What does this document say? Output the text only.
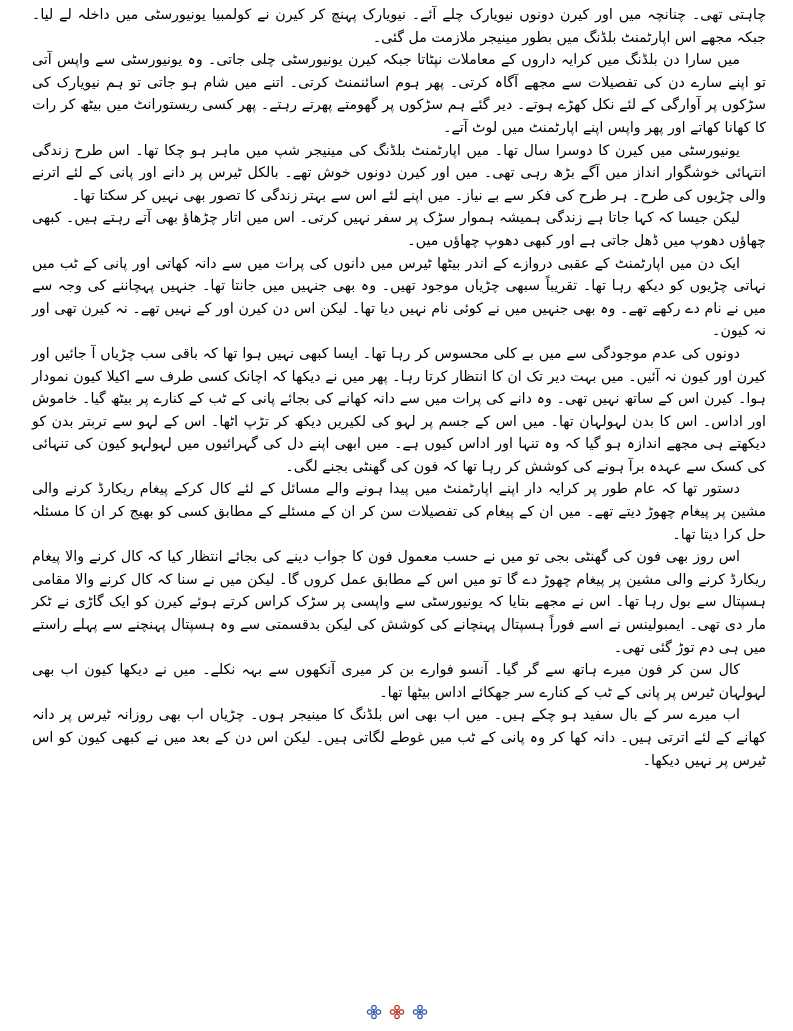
چاہتی تھی۔ چنانچہ میں اور کیرن دونوں نیویارک چلے آئے۔ نیویارک پہنچ کر کیرن نے کولمبیا یونیورسٹی میں داخلہ لے لیا۔ جبکہ مجھے اس اپارٹمنٹ بلڈنگ میں بطور مینیجر ملازمت مل گئی۔

میں سارا دن بلڈنگ میں کرایہ داروں کے معاملات نپٹاتا جبکہ کیرن یونیورسٹی چلی جاتی۔ وہ یونیورسٹی سے واپس آتی تو اپنے سارے دن کی تفصیلات سے مجھے آگاہ کرتی۔ پھر ہوم اسائنمنٹ کرتی۔ اتنے میں شام ہو جاتی تو ہم نیویارک کی سڑکوں پر آوارگی کے لئے نکل کھڑے ہوتے۔ دیر گئے ہم سڑکوں پر گھومتے پھرتے رہتے۔ پھر کسی ریستورانٹ میں بیٹھ کر رات کا کھانا کھاتے اور پھر واپس اپنے اپارٹمنٹ میں لوٹ آتے۔

یونیورسٹی میں کیرن کا دوسرا سال تھا۔ میں اپارٹمنٹ بلڈنگ کی مینیجر شپ میں ماہر ہو چکا تھا۔ اس طرح زندگی انتہائی خوشگوار انداز میں آگے بڑھ رہی تھی۔ میں اور کیرن دونوں خوش تھے۔ بالکل ٹیرس پر دانے اور پانی کے لئے اترنے والی چڑیوں کی طرح۔ ہر طرح کی فکر سے بے نیاز۔ میں اپنے لئے اس سے بہتر زندگی کا تصور بھی نہیں کر سکتا تھا۔

لیکن جیسا کہ کہا جاتا ہے زندگی ہمیشہ ہموار سڑک پر سفر نہیں کرتی۔ اس میں اتار چڑھاؤ بھی آتے رہتے ہیں۔ کبھی چھاؤں دھوپ میں ڈھل جاتی ہے اور کبھی دھوپ چھاؤں میں۔

ایک دن میں اپارٹمنٹ کے عقبی دروازے کے اندر بیٹھا ٹیرس میں دانوں کی پرات میں سے دانہ کھاتی اور پانی کے ٹب میں نہاتی چڑیوں کو دیکھ رہا تھا۔ تقریباً سبھی چڑیاں موجود تھیں۔ وہ بھی جنہیں میں جانتا تھا۔ جنہیں پہچاننے کی وجہ سے میں نے نام دے رکھے تھے۔ وہ بھی جنہیں میں نے کوئی نام نہیں دیا تھا۔ لیکن اس دن کیرن اور کے نہیں تھے۔ نہ کیرن تھی اور نہ کیون۔

دونوں کی عدم موجودگی سے میں بے کلی محسوس کر رہا تھا۔ ایسا کبھی نہیں ہوا تھا کہ باقی سب چڑیاں آ جائیں اور کیرن اور کیون نہ آئیں۔ میں بہت دیر تک ان کا انتظار کرتا رہا۔ پھر میں نے دیکھا کہ اچانک کسی طرف سے اکیلا کیون نمودار ہوا۔ کیرن اس کے ساتھ نہیں تھی۔ وہ دانے کی پرات میں سے دانہ کھانے کی بجائے پانی کے ٹب کے کنارے پر بیٹھ گیا۔ خاموش اور اداس۔ اس کا بدن لہولہان تھا۔ میں اس کے جسم پر لہو کی لکیریں دیکھ کر تڑپ اٹھا۔ اس کے لہو سے تربتر بدن کو دیکھتے ہی مجھے اندازہ ہو گیا کہ وہ تنہا اور اداس کیوں ہے۔ میں ابھی اپنے دل کی گہرائیوں میں لہولہو کیون کی تنہائی کی کسک سے عہدہ برآ ہونے کی کوشش کر رہا تھا کہ فون کی گھنٹی بجنے لگی۔

دستور تھا کہ عام طور پر کرایہ دار اپنے اپارٹمنٹ میں پیدا ہونے والے مسائل کے لئے کال کرکے پیغام ریکارڈ کرنے والی مشین پر پیغام چھوڑ دیتے تھے۔ میں ان کے پیغام کی تفصیلات سن کر ان کے مسئلے کے مطابق کسی کو بھیج کر ان کا مسئلہ حل کرا دیتا تھا۔

اس روز بھی فون کی گھنٹی بجی تو میں نے حسب معمول فون کا جواب دینے کی بجائے انتظار کیا کہ کال کرنے والا پیغام ریکارڈ کرنے والی مشین پر پیغام چھوڑ دے گا تو میں اس کے مطابق عمل کروں گا۔ لیکن میں نے سنا کہ کال کرنے والا مقامی ہسپتال سے بول رہا تھا۔ اس نے مجھے بتایا کہ یونیورسٹی سے واپسی پر سڑک کراس کرتے ہوئے کیرن کو ایک گاڑی نے ٹکر مار دی تھی۔ ایمبولینس نے اسے فوراً ہسپتال پہنچانے کی کوشش کی لیکن بدقسمتی سے وہ ہسپتال پہنچنے سے پہلے راستے میں ہی دم توڑ گئی تھی۔

کال سن کر فون میرے ہاتھ سے گر گیا۔ آنسو فوارے بن کر میری آنکھوں سے بہہ نکلے۔ میں نے دیکھا کیون اب بھی لہولہان ٹیرس پر پانی کے ٹب کے کنارے سر جھکائے اداس بیٹھا تھا۔

اب میرے سر کے بال سفید ہو چکے ہیں۔ میں اب بھی اس بلڈنگ کا مینیجر ہوں۔ چڑیاں اب بھی روزانہ ٹیرس پر دانہ کھانے کے لئے اترتی ہیں۔ دانہ کھا کر وہ پانی کے ٹب میں غوطے لگاتی ہیں۔ لیکن اس دن کے بعد میں نے کبھی کیون کو اس ٹیرس پر نہیں دیکھا۔
